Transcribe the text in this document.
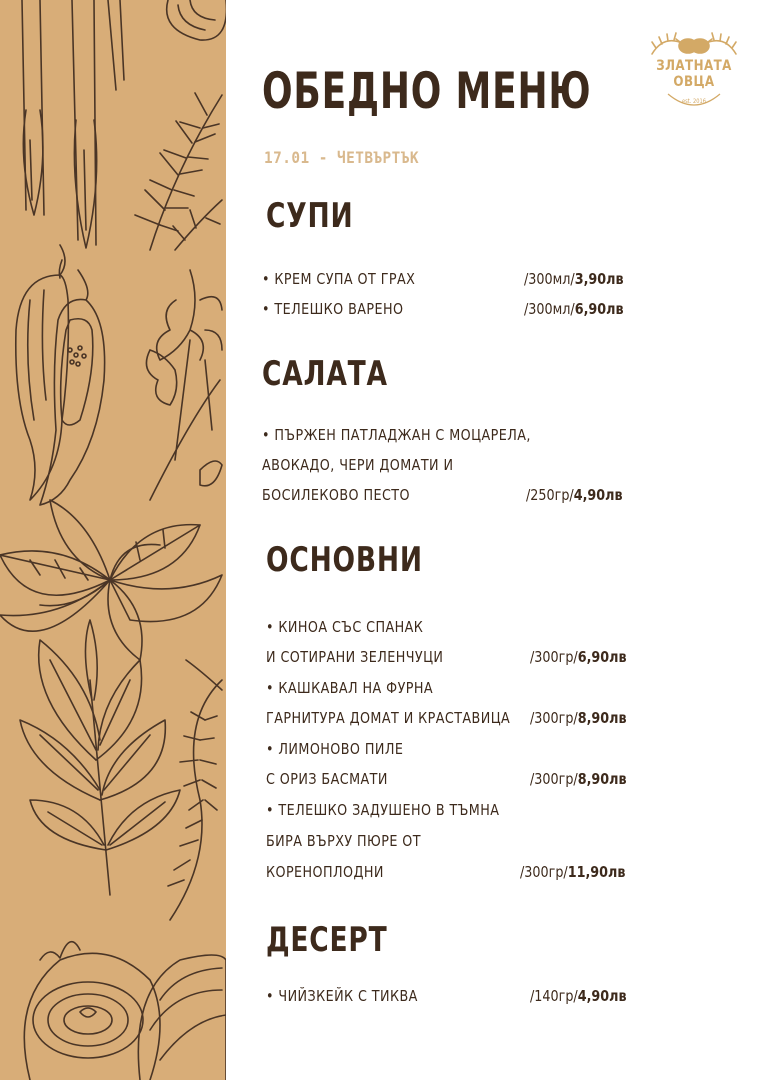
ЗЛАТНАТА
ОВЦА
est. 2016
ОБЕДНО МЕНЮ
17.01 - ЧЕТВЪРТЪК
СУПИ
• КРЕМ СУПА ОТ ГРАХ	/300мл/3,90лв
• ТЕЛЕШКО ВАРЕНО	/300мл/6,90лв
САЛАТА
• ПЪРЖЕН ПАТЛАДЖАН С МОЦАРЕЛА,
АВОКАДО, ЧЕРИ ДОМАТИ И
БОСИЛЕКОВО ПЕСТО	/250гр/4,90лв
ОСНОВНИ
• КИНОА СЪС СПАНАК
И СОТИРАНИ ЗЕЛЕНЧУЦИ	/300гр/6,90лв
• КАШКАВАЛ НА ФУРНА
ГАРНИТУРА ДОМАТ И КРАСТАВИЦА /300гр/8,90лв
• ЛИМОНОВО ПИЛЕ
С ОРИЗ БАСМАТИ	/300гр/8,90лв
• ТЕЛЕШКО ЗАДУШЕНО В ТЪМНА
БИРА ВЪРХУ ПЮРЕ ОТ
КОРЕНОПЛОДНИ	/300гр/11,90лв
ДЕСЕРТ
• ЧИЙЗКЕЙК С ТИКВА	/140гр/4,90лв
